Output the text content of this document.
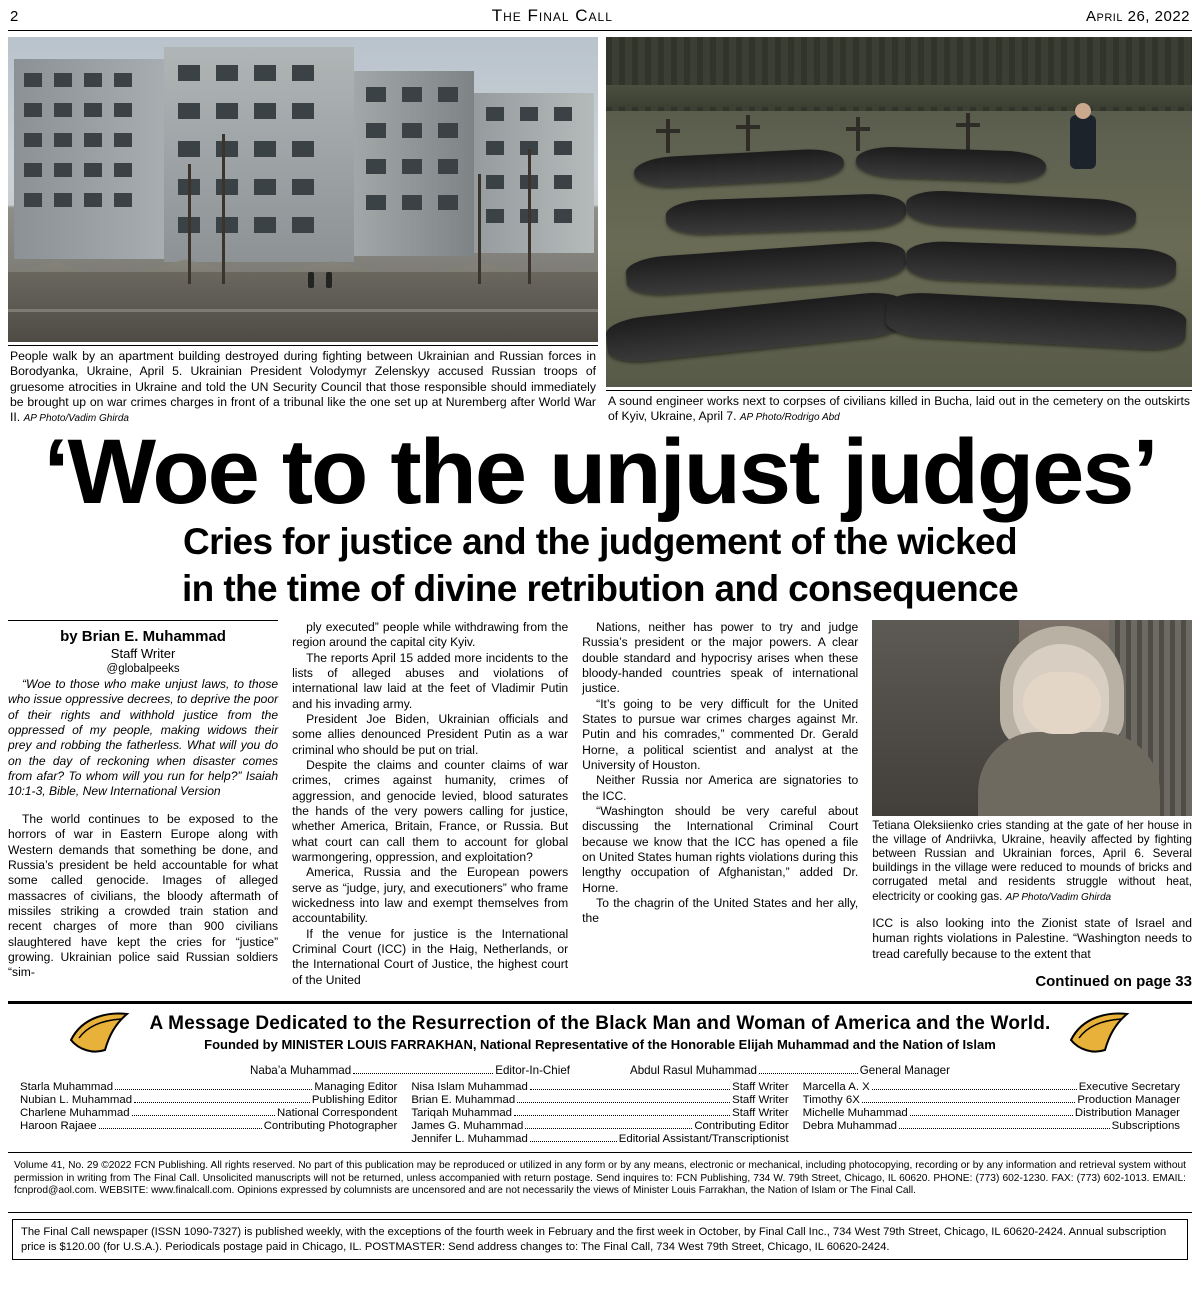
2	The Final Call	April 26, 2022
People walk by an apartment building destroyed during fighting between Ukrainian and Russian forces in Borodyanka, Ukraine, April 5. Ukrainian President Volodymyr Zelenskyy accused Russian troops of gruesome atrocities in Ukraine and told the UN Security Council that those responsible should immediately be brought up on war crimes charges in front of a tribunal like the one set up at Nuremberg after World War II. AP Photo/Vadim Ghirda
A sound engineer works next to corpses of civilians killed in Bucha, laid out in the cemetery on the outskirts of Kyiv, Ukraine, April 7. AP Photo/Rodrigo Abd
‘Woe to the unjust judges’
Cries for justice and the judgement of the wicked
in the time of divine retribution and consequence
by Brian E. Muhammad
Staff Writer
@globalpeeks

“Woe to those who make unjust laws, to those who issue oppressive decrees, to deprive the poor of their rights and withhold justice from the oppressed of my people, making widows their prey and robbing the fatherless. What will you do on the day of reckoning when disaster comes from afar? To whom will you run for help?” Isaiah 10:1-3, Bible, New International Version

The world continues to be exposed to the horrors of war in Eastern Europe along with Western demands that something be done, and Russia’s president be held accountable for what some called genocide. Images of alleged massacres of civilians, the bloody aftermath of missiles striking a crowded train station and recent charges of more than 900 civilians slaughtered have kept the cries for “justice” growing. Ukrainian police said Russian soldiers “sim-

ply executed” people while withdrawing from the region around the capital city Kyiv.

The reports April 15 added more incidents to the lists of alleged abuses and violations of international law laid at the feet of Vladimir Putin and his invading army.

President Joe Biden, Ukrainian officials and some allies denounced President Putin as a war criminal who should be put on trial.

Despite the claims and counter claims of war crimes, crimes against humanity, crimes of aggression, and genocide levied, blood saturates the hands of the very powers calling for justice, whether America, Britain, France, or Russia. But what court can call them to account for global warmongering, oppression, and exploitation?

America, Russia and the European powers serve as “judge, jury, and executioners” who frame wickedness into law and exempt themselves from accountability.

If the venue for justice is the International Criminal Court (ICC) in the Haig, Netherlands, or the International Court of Justice, the highest court of the United

Nations, neither has power to try and judge Russia’s president or the major powers. A clear double standard and hypocrisy arises when these bloody-handed countries speak of international justice.

“It’s going to be very difficult for the United States to pursue war crimes charges against Mr. Putin and his comrades,” commented Dr. Gerald Horne, a political scientist and analyst at the University of Houston.

Neither Russia nor America are signatories to the ICC.

“Washington should be very careful about discussing the International Criminal Court because we know that the ICC has opened a file on United States human rights violations during this lengthy occupation of Afghanistan,” added Dr. Horne.

To the chagrin of the United States and her ally, the

Tetiana Oleksiienko cries standing at the gate of her house in the village of Andriivka, Ukraine, heavily affected by fighting between Russian and Ukrainian forces, April 6. Several buildings in the village were reduced to mounds of bricks and corrugated metal and residents struggle without heat, electricity or cooking gas. AP Photo/Vadim Ghirda

ICC is also looking into the Zionist state of Israel and human rights violations in Palestine. “Washington needs to tread carefully because to the extent that

Continued on page 33
A Message Dedicated to the Resurrection of the Black Man and Woman of America and the World.
Founded by MINISTER LOUIS FARRAKHAN, National Representative of the Honorable Elijah Muhammad and the Nation of Islam
Naba’a Muhammad	Editor-In-Chief	Abdul Rasul Muhammad	General Manager
Starla Muhammad	Managing Editor
Nubian L. Muhammad	Publishing Editor
Charlene Muhammad	National Correspondent
Haroon Rajaee	Contributing Photographer
Nisa Islam Muhammad	Staff Writer
Brian E. Muhammad	Staff Writer
Tariqah Muhammad	Staff Writer
James G. Muhammad	Contributing Editor
Jennifer L. Muhammad	Editorial Assistant/Transcriptionist
Marcella A. X	Executive Secretary
Timothy 6X	Production Manager
Michelle Muhammad	Distribution Manager
Debra Muhammad	Subscriptions
Volume 41, No. 29 ©2022 FCN Publishing. All rights reserved. No part of this publication may be reproduced or utilized in any form or by any means, electronic or mechanical, including photocopying, recording or by any information and retrieval system without permission in writing from The Final Call. Unsolicited manuscripts will not be returned, unless accompanied with return postage. Send inquires to: FCN Publishing, 734 W. 79th Street, Chicago, IL 60620. PHONE: (773) 602-1230. FAX: (773) 602-1013. EMAIL: fcnprod@aol.com. WEBSITE: www.finalcall.com. Opinions expressed by columnists are uncensored and are not necessarily the views of Minister Louis Farrakhan, the Nation of Islam or The Final Call.
The Final Call newspaper (ISSN 1090-7327) is published weekly, with the exceptions of the fourth week in February and the first week in October, by Final Call Inc., 734 West 79th Street, Chicago, IL 60620-2424. Annual subscription price is $120.00 (for U.S.A.). Periodicals postage paid in Chicago, IL. POSTMASTER: Send address changes to: The Final Call, 734 West 79th Street, Chicago, IL 60620-2424.
